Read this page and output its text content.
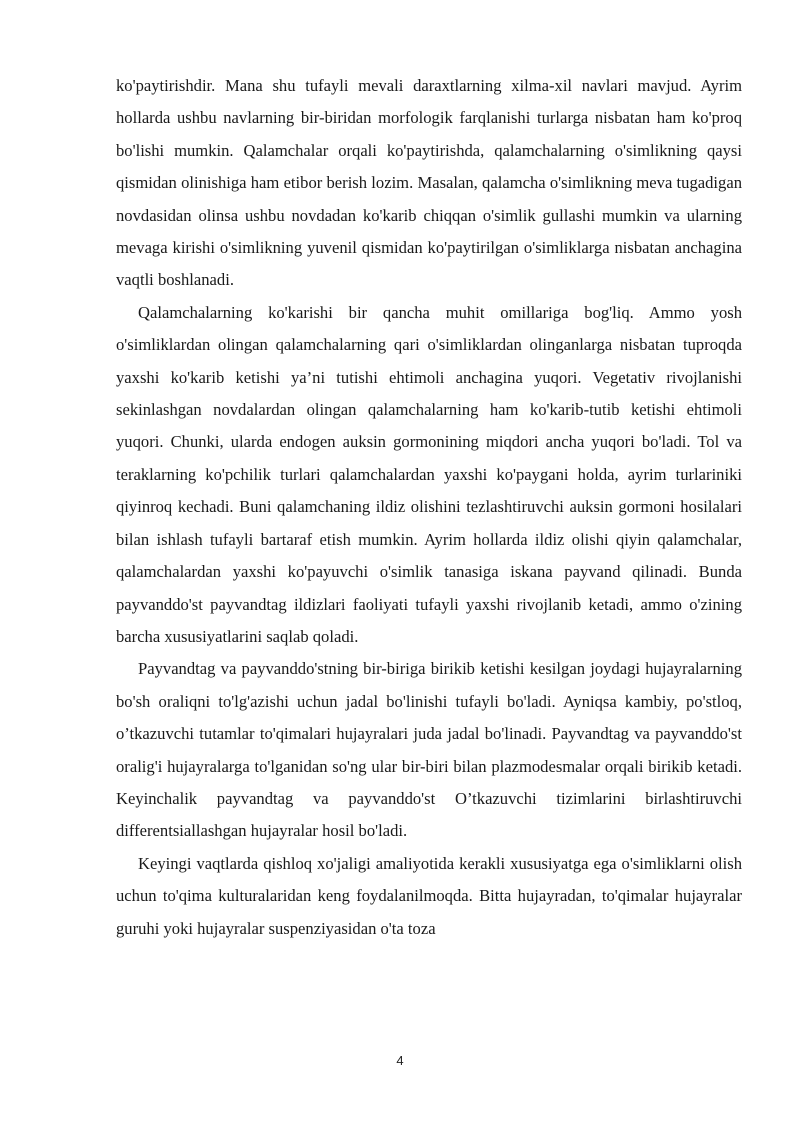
ko'paytirishdir. Mana shu tufayli mevali daraxtlarning xilma-xil navlari mavjud. Ayrim hollarda ushbu navlarning bir-biridan morfologik farqlanishi turlarga nisbatan ham ko'proq bo'lishi mumkin. Qalamchalar orqali ko'paytirishda, qalamchalarning o'simlikning qaysi qismidan olinishiga ham etibor berish lozim. Masalan, qalamcha o'simlikning meva tugadigan novdasidan olinsa ushbu novdadan ko'karib chiqqan o'simlik gullashi mumkin va ularning mevaga kirishi o'simlikning yuvenil qismidan ko'paytirilgan o'simliklarga nisbatan anchagina vaqtli boshlanadi.

Qalamchalarning ko'karishi bir qancha muhit omillariga bog'liq. Ammo yosh o'simliklardan olingan qalamchalarning qari o'simliklardan olinganlarga nisbatan tuproqda yaxshi ko'karib ketishi ya’ni tutishi ehtimoli anchagina yuqori. Vegetativ rivojlanishi sekinlashgan novdalardan olingan qalamchalarning ham ko'karib-tutib ketishi ehtimoli yuqori. Chunki, ularda endogen auksin gormonining miqdori ancha yuqori bo'ladi. Tol va teraklarning ko'pchilik turlari qalamchalardan yaxshi ko'paygani holda, ayrim turlariniki qiyinroq kechadi. Buni qalamchaning ildiz olishini tezlashtiruvchi auksin gormoni hosilalari bilan ishlash tufayli bartaraf etish mumkin. Ayrim hollarda ildiz olishi qiyin qalamchalar, qalamchalardan yaxshi ko'payuvchi o'simlik tanasiga iskana payvand qilinadi. Bunda payvanddo'st payvandtag ildizlari faoliyati tufayli yaxshi rivojlanib ketadi, ammo o'zining barcha xususiyatlarini saqlab qoladi.

Payvandtag va payvanddo'stning bir-biriga birikib ketishi kesilgan joydagi hujayralarning bo'sh oraliqni to'lg'azishi uchun jadal bo'linishi tufayli bo'ladi. Ayniqsa kambiy, po'stloq, o’tkazuvchi tutamlar to'qimalari hujayralari juda jadal bo'linadi. Payvandtag va payvanddo'st oralig'i hujayralarga to'lganidan so'ng ular bir-biri bilan plazmodesmalar orqali birikib ketadi. Keyinchalik payvandtag va payvanddo'st O’tkazuvchi tizimlarini birlashtiruvchi differentsiallashgan hujayralar hosil bo'ladi.

Keyingi vaqtlarda qishloq xo'jaligi amaliyotida kerakli xususiyatga ega o'simliklarni olish uchun to'qima kulturalaridan keng foydalanilmoqda. Bitta hujayradan, to'qimalar hujayralar guruhi yoki hujayralar suspenziyasidan o'ta toza

4
